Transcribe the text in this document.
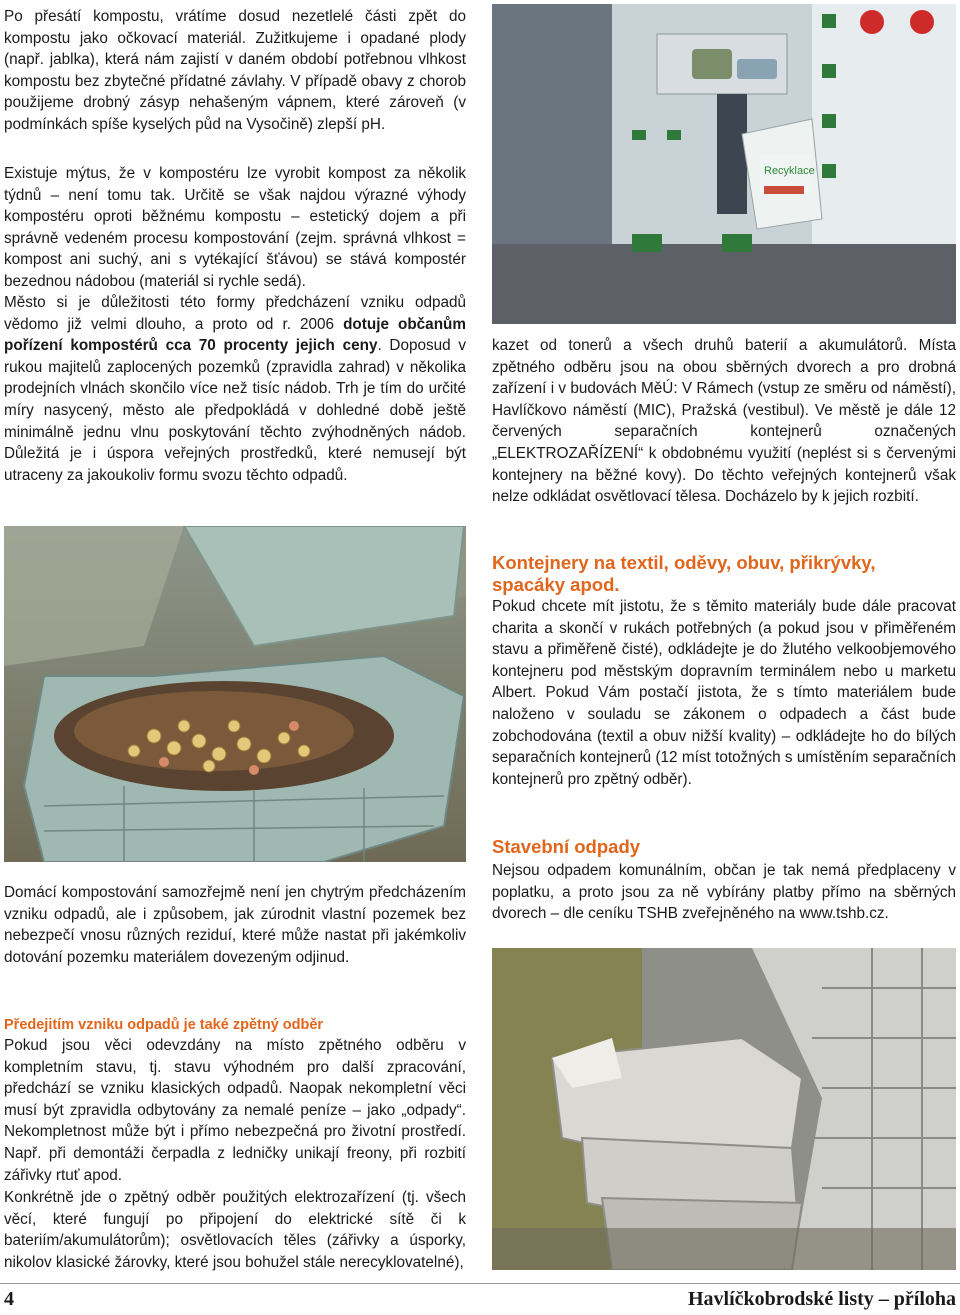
Po přesátí kompostu, vrátíme dosud nezetlelé části zpět do kompostu jako očkovací materiál. Zužitkujeme i opadané plody (např. jablka), která nám zajistí v daném období potřebnou vlhkost kompostu bez zbytečné přídatné závlahy. V případě obavy z chorob použijeme drobný zásyp nehašeným vápnem, které zároveň (v podmínkách spíše kyselých půd na Vysočině) zlepší pH.

Existuje mýtus, že v kompostéru lze vyrobit kompost za několik týdnů – není tomu tak. Určitě se však najdou výrazné výhody kompostéru oproti běžnému kompostu – estetický dojem a při správně vedeném procesu kompostování (zejm. správná vlhkost = kompost ani suchý, ani s vytékající šťávou) se stává kompostér bezednou nádobou (materiál si rychle sedá).

Město si je důležitosti této formy předcházení vzniku odpadů vědomo již velmi dlouho, a proto od r. 2006 dotuje občanům pořízení kompostérů cca 70 procenty jejich ceny. Doposud v rukou majitelů zaplocených pozemků (zpravidla zahrad) v několika prodejních vlnách skončilo více než tisíc nádob. Trh je tím do určité míry nasycený, město ale předpokládá v dohledné době ještě minimálně jednu vlnu poskytování těchto zvýhodněných nádob. Důležitá je i úspora veřejných prostředků, které nemusejí být utraceny za jakoukoliv formu svozu těchto odpadů.

Domácí kompostování samozřejmě není jen chytrým předcházením vzniku odpadů, ale i způsobem, jak zúrodnit vlastní pozemek bez nebezpečí vnosu různých reziduí, které může nastat při jakémkoliv dotování pozemku materiálem dovezeným odjinud.

Předejitím vzniku odpadů je také zpětný odběr

Pokud jsou věci odevzdány na místo zpětného odběru v kompletním stavu, tj. stavu výhodném pro další zpracování, předchází se vzniku klasických odpadů. Naopak nekompletní věci musí být zpravidla odbytovány za nemalé peníze – jako „odpady“. Nekompletnost může být i přímo nebezpečná pro životní prostředí. Např. při demontáži čerpadla z ledničky unikají freony, při rozbití zářivky rtuť apod.

Konkrétně jde o zpětný odběr použitých elektrozařízení (tj. všech věcí, které fungují po připojení do elektrické sítě či k bateriím/akumulátorům); osvětlovacích těles (zářivky a úsporky, nikolov klasické žárovky, které jsou bohužel stále nerecyklovatelné),

Recyklace

kazet od tonerů a všech druhů baterií a akumulátorů. Místa zpětného odběru jsou na obou sběrných dvorech a pro drobná zařízení i v budovách MěÚ: V Rámech (vstup ze směru od náměstí), Havlíčkovo náměstí (MIC), Pražská (vestibul). Ve městě je dále 12 červených separačních kontejnerů označených „ELEKTROZAŘÍZENÍ“ k obdobnému využití (neplést si s červenými kontejnery na běžné kovy). Do těchto veřejných kontejnerů však nelze odkládat osvětlovací tělesa. Docházelo by k jejich rozbití.

Kontejnery na textil, oděvy, obuv, přikrývky, spacáky apod.

Pokud chcete mít jistotu, že s těmito materiály bude dále pracovat charita a skončí v rukách potřebných (a pokud jsou v přiměřeném stavu a přiměřeně čisté), odkládejte je do žlutého velkoobjemového kontejneru pod městským dopravním terminálem nebo u marketu Albert. Pokud Vám postačí jistota, že s tímto materiálem bude naloženo v souladu se zákonem o odpadech a část bude zobchodována (textil a obuv nižší kvality) – odkládejte ho do bílých separačních kontejnerů (12 míst totožných s umístěním separačních kontejnerů pro zpětný odběr).

Stavební odpady

Nejsou odpadem komunálním, občan je tak nemá předplaceny v poplatku, a proto jsou za ně vybírány platby přímo na sběrných dvorech – dle ceníku TSHB zveřejněného na www.tshb.cz.

4	Havlíčkobrodské listy – příloha
